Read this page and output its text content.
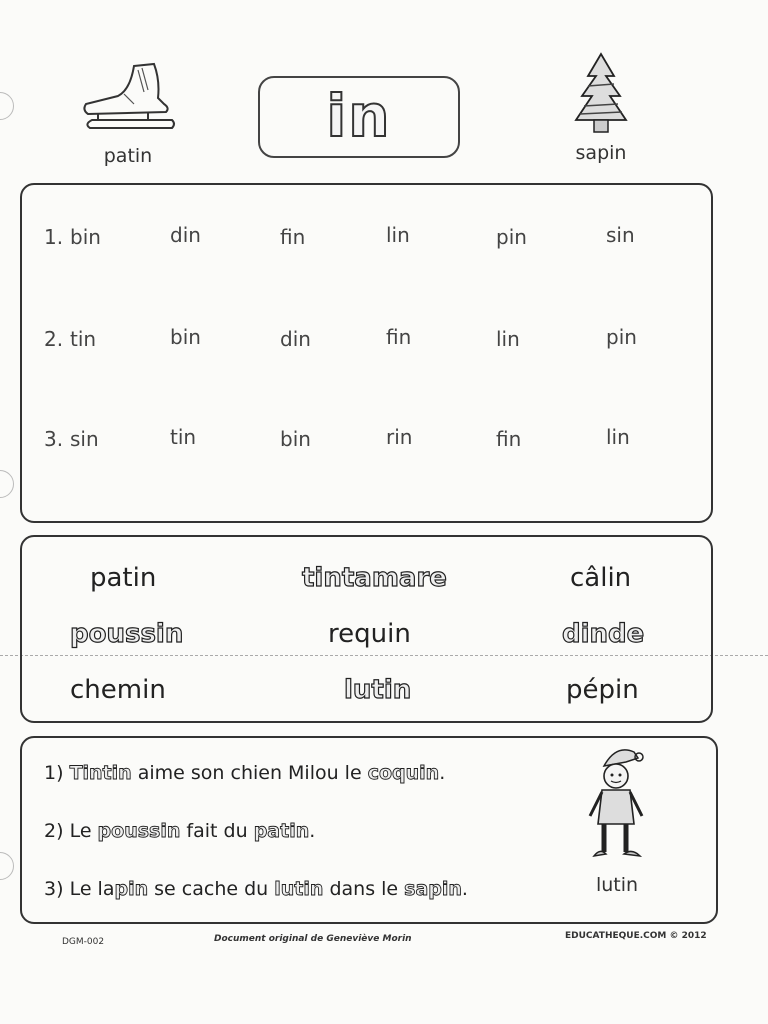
patin
in
sapin
1. bin	din	fin	lin	pin	sin
2. tin	bin	din	fin	lin	pin
3. sin	tin	bin	rin	fin	lin
patin	tintamare	câlin
poussin	requin	dinde
chemin	lutin	pépin
1) Tintin aime son chien Milou le coquin.
2) Le poussin fait du patin.
3) Le lapin se cache du lutin dans le sapin.	lutin
DGM-002	Document original de Geneviève Morin	EDUCATHEQUE.COM © 2012
